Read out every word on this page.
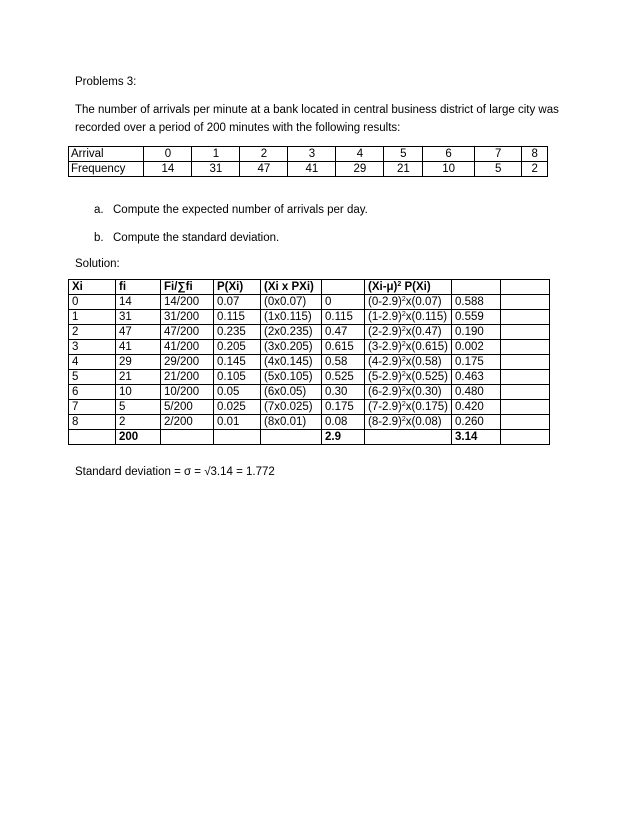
Problems 3:

The number of arrivals per minute at a bank located in central business district of large city was

recorded over a period of 200 minutes with the following results:

Arrival	0	1	2	3	4	5	6	7	8
Frequency	14	31	47	41	29	21	10	5	2
a. Compute the expected number of arrivals per day.
b. Compute the standard deviation.

Solution:

Xi	fi	Fi/∑fi	P(Xi)	(Xi x PXi)		$(Xi-\mu)^2$ P(Xi)		
0	14	14/200	0.07	(0x0.07)	0	$(0-2.9)^2x(0.07)$	0.588	
1	31	31/200	0.115	(1x0.115)	0.115	$(1-2.9)^2x(0.115)$	0.559	
2	47	47/200	0.235	(2x0.235)	0.47	$(2-2.9)^2x(0.47)$	0.190	
3	41	41/200	0.205	(3x0.205)	0.615	$(3-2.9)^2x(0.615)$	0.002	
4	29	29/200	0.145	(4x0.145)	0.58	$(4-2.9)^2x(0.58)$	0.175	
5	21	21/200	0.105	(5x0.105)	0.525	$(5-2.9)^2x(0.525)$	0.463	
6	10	10/200	0.05	(6x0.05)	0.30	$(6-2.9)^2x(0.30)$	0.480	
7	5	5/200	0.025	(7x0.025)	0.175	$(7-2.9)^2x(0.175)$	0.420	
8	2	2/200	0.01	(8x0.01)	0.08	$(8-2.9)^2x(0.08)$	0.260	
	200				2.9		3.14	

Standard deviation = σ = √3.14 = 1.772
